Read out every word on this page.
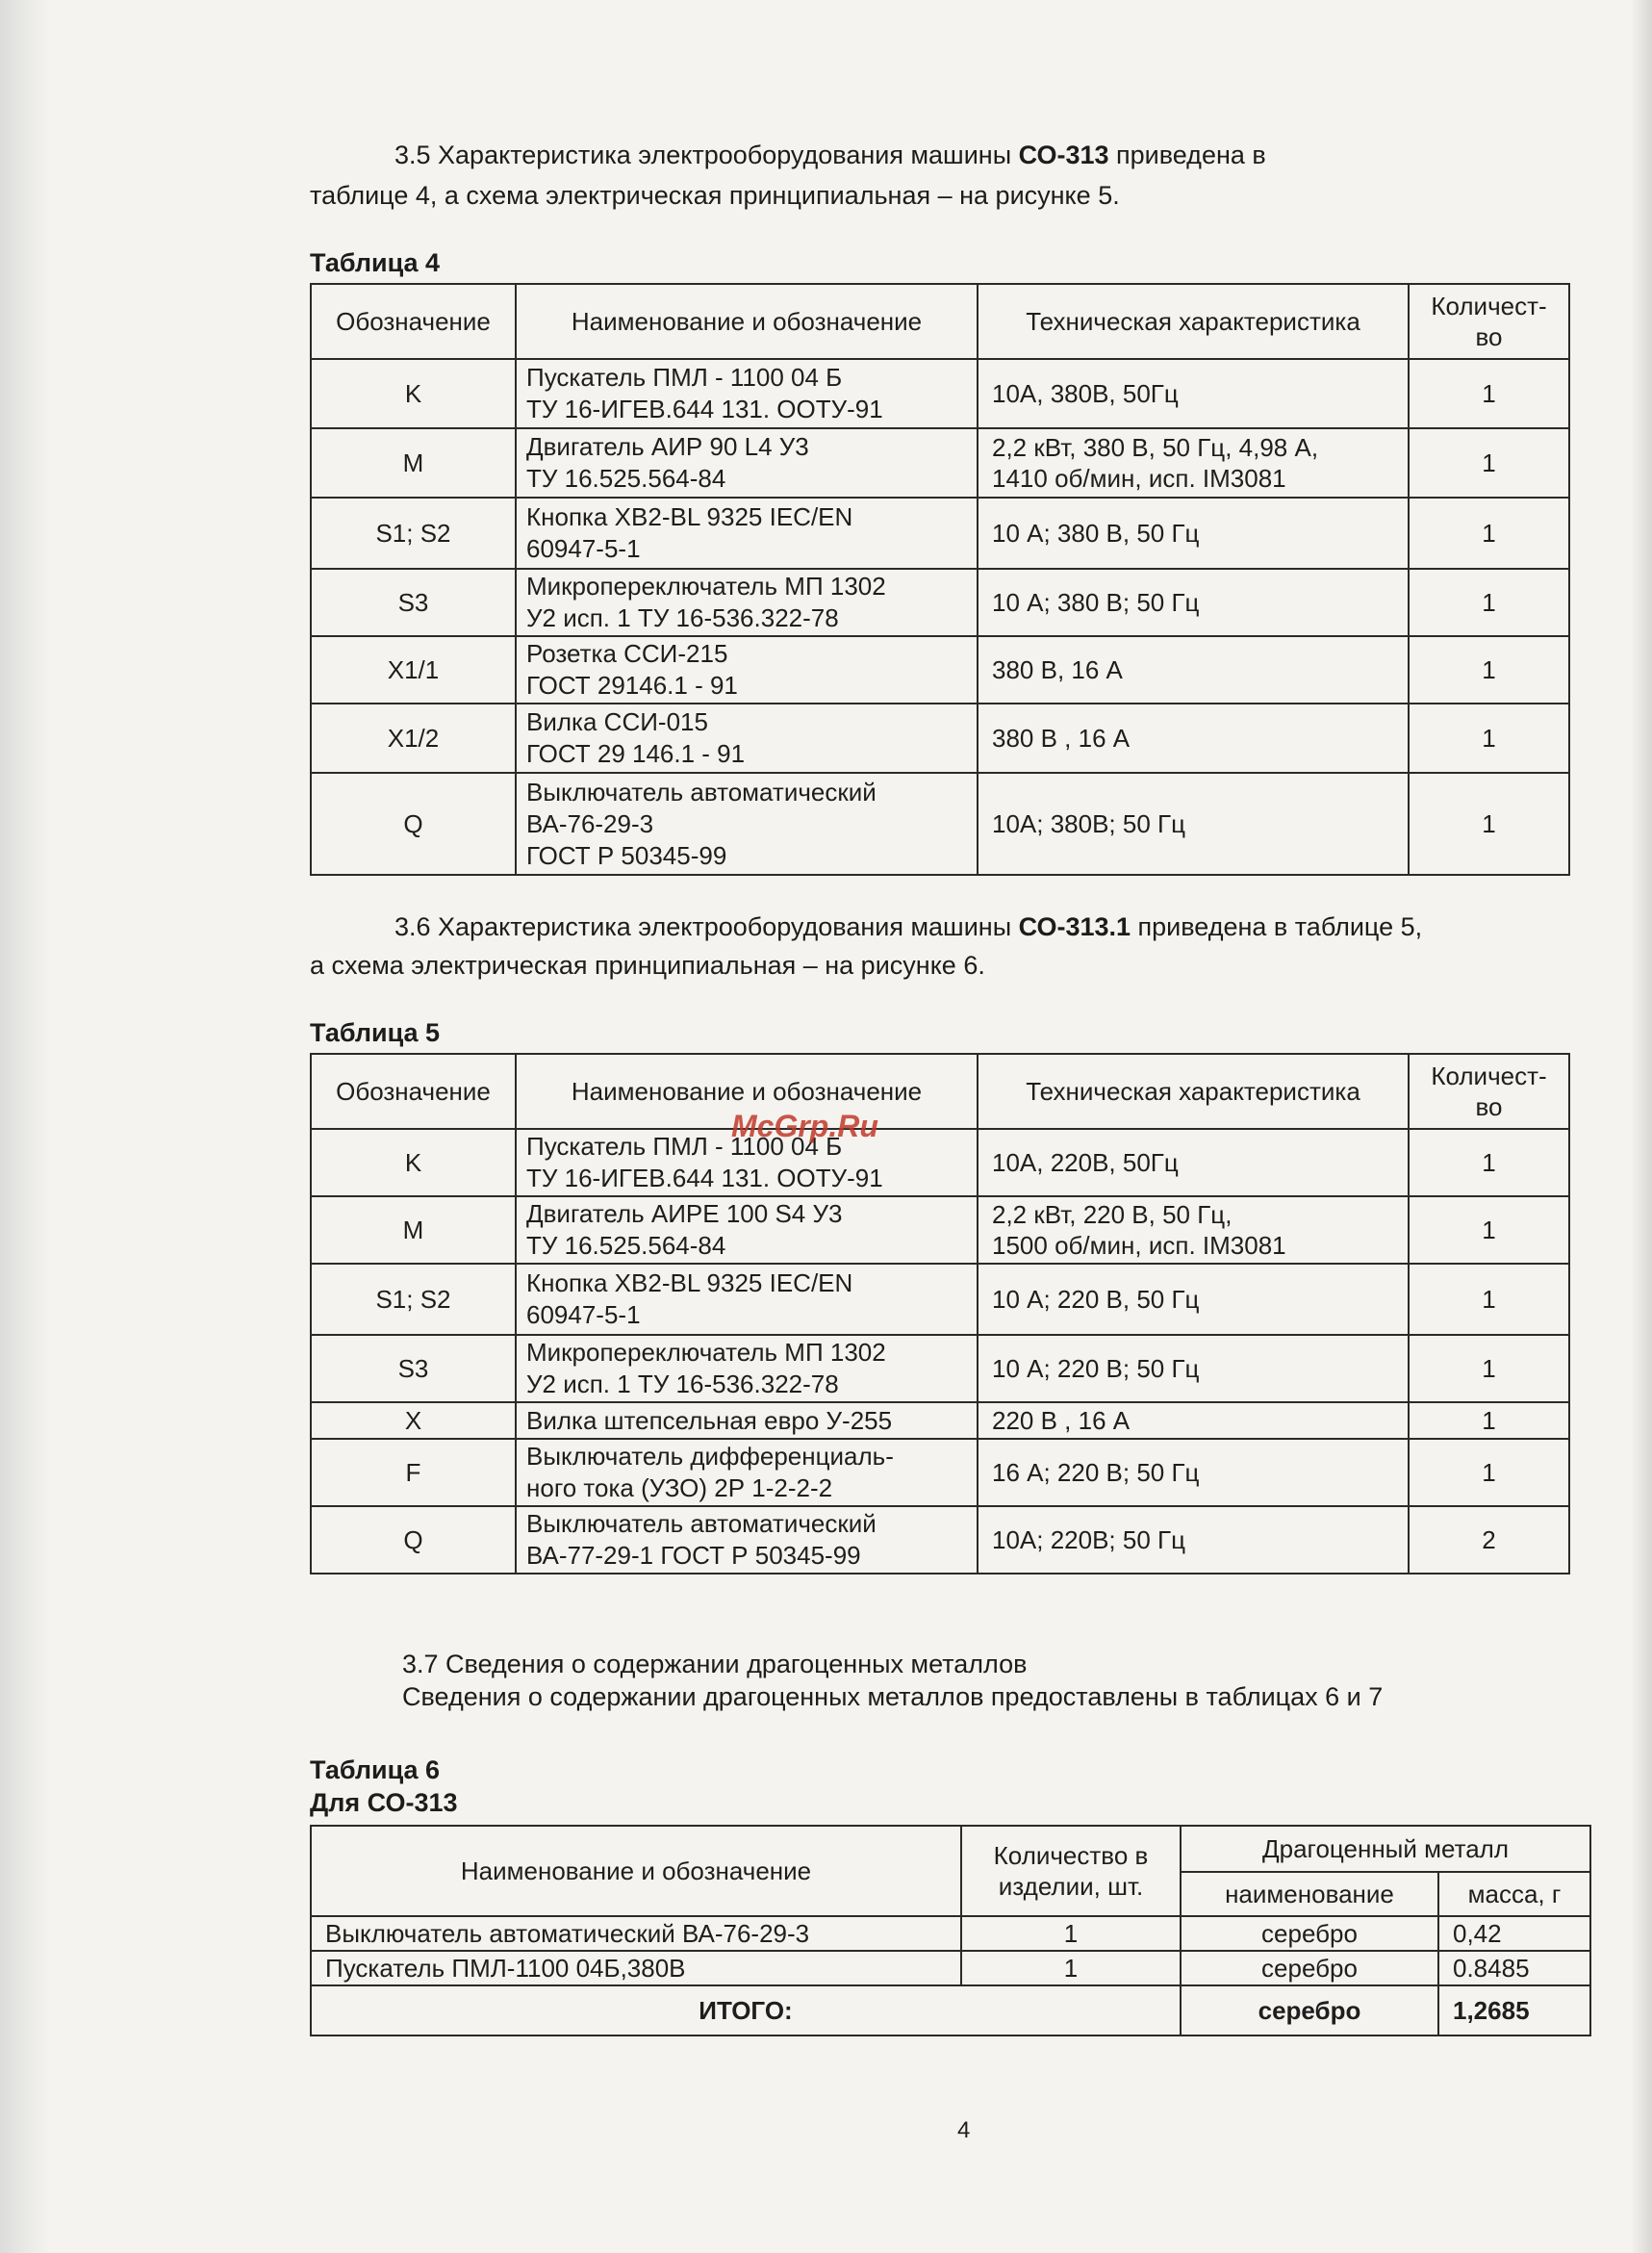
3.5 Характеристика электрооборудования машины СО-313 приведена в

таблице 4, а схема электрическая принципиальная – на рисунке 5.

Таблица 4

Обозначение	Наименование и обозначение	Техническая характеристика	Количест-во
K	Пускатель ПМЛ - 1100 04 Б
ТУ 16-ИГЕВ.644 131. ООТУ-91	10А, 380В, 50Гц	1
M	Двигатель АИР 90 L4 У3
ТУ 16.525.564-84	2,2 кВт, 380 В, 50 Гц, 4,98 А,
1410 об/мин, исп. IM3081	1
S1; S2	Кнопка XB2-BL 9325 IEC/EN
60947-5-1	10 А; 380 В, 50 Гц	1
S3	Микропереключатель МП 1302
У2 исп. 1 ТУ 16-536.322-78	10 А; 380 В; 50 Гц	1
X1/1	Розетка ССИ-215
ГОСТ 29146.1 - 91	380 В, 16 А	1
X1/2	Вилка ССИ-015
ГОСТ 29 146.1 - 91	380 В , 16 А	1
Q	Выключатель автоматический
ВА-76-29-3
ГОСТ Р 50345-99	10А; 380В; 50 Гц	1

3.6 Характеристика электрооборудования машины СО-313.1 приведена в таблице 5,

а схема электрическая принципиальная – на рисунке 6.

Таблица 5

Обозначение	Наименование и обозначение	Техническая характеристика	Количест-во
K	Пускатель ПМЛ - 1100 04 Б
ТУ 16-ИГЕВ.644 131. ООТУ-91	10А, 220В, 50Гц	1
M	Двигатель АИРЕ 100 S4 У3
ТУ 16.525.564-84	2,2 кВт, 220 В, 50 Гц,
1500 об/мин, исп. IM3081	1
S1; S2	Кнопка XB2-BL 9325 IEC/EN
60947-5-1	10 А; 220 В, 50 Гц	1
S3	Микропереключатель МП 1302
У2 исп. 1 ТУ 16-536.322-78	10 А; 220 В; 50 Гц	1
X	Вилка штепсельная евро У-255	220 В , 16 А	1
F	Выключатель дифференциаль-
ного тока (УЗО) 2Р 1-2-2-2	16 А; 220 В; 50 Гц	1
Q	Выключатель автоматический
ВА-77-29-1 ГОСТ Р 50345-99	10А; 220В; 50 Гц	2
McGrp.Ru

3.7 Сведения о содержании драгоценных металлов

Сведения о содержании драгоценных металлов предоставлены в таблицах 6 и 7

Таблица 6

Для СО-313

Наименование и обозначение	Количество в изделии, шт.	Драгоценный металл	
		наименование	масса, г
Выключатель автоматический ВА-76-29-3	1	серебро	0,42
Пускатель ПМЛ-1100 04Б,380В	1	серебро	0.8485
ИТОГО:		серебро	1,2685
4
